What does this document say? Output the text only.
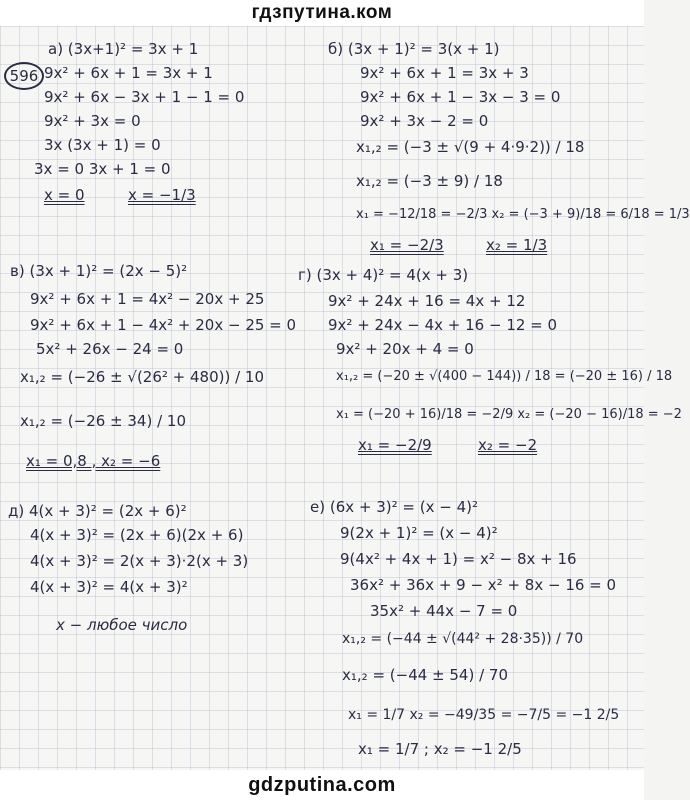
гдзпутина.ком
596
а) (3x+1)² = 3x + 1
9x² + 6x + 1 = 3x + 1
9x² + 6x − 3x + 1 − 1 = 0
9x² + 3x = 0
3x (3x + 1) = 0
3x = 0 3x + 1 = 0
x = 0	x = −1/3
б) (3x + 1)² = 3(x + 1)
9x² + 6x + 1 = 3x + 3
9x² + 6x + 1 − 3x − 3 = 0
9x² + 3x − 2 = 0
x₁,₂ = (−3 ± √(9 + 4·9·2)) / 18
x₁,₂ = (−3 ± 9) / 18
x₁ = −12/18 = −2/3 x₂ = (−3 + 9)/18 = 6/18 = 1/3
x₁ = −2/3	x₂ = 1/3
в) (3x + 1)² = (2x − 5)²
9x² + 6x + 1 = 4x² − 20x + 25
9x² + 6x + 1 − 4x² + 20x − 25 = 0
5x² + 26x − 24 = 0
x₁,₂ = (−26 ± √(26² + 480)) / 10
x₁,₂ = (−26 ± 34) / 10
x₁ = 0,8 , x₂ = −6
г) (3x + 4)² = 4(x + 3)
9x² + 24x + 16 = 4x + 12
9x² + 24x − 4x + 16 − 12 = 0
9x² + 20x + 4 = 0
x₁,₂ = (−20 ± √(400 − 144)) / 18 = (−20 ± 16) / 18
x₁ = (−20 + 16)/18 = −2/9 x₂ = (−20 − 16)/18 = −2
x₁ = −2/9	x₂ = −2
д) 4(x + 3)² = (2x + 6)²
4(x + 3)² = (2x + 6)(2x + 6)
4(x + 3)² = 2(x + 3)·2(x + 3)
4(x + 3)² = 4(x + 3)²
x − любое число
е) (6x + 3)² = (x − 4)²
9(2x + 1)² = (x − 4)²
9(4x² + 4x + 1) = x² − 8x + 16
36x² + 36x + 9 − x² + 8x − 16 = 0
35x² + 44x − 7 = 0
x₁,₂ = (−44 ± √(44² + 28·35)) / 70
x₁,₂ = (−44 ± 54) / 70
x₁ = 1/7 x₂ = −49/35 = −7/5 = −1 2/5
x₁ = 1/7 ; x₂ = −1 2/5
gdzputina.com
